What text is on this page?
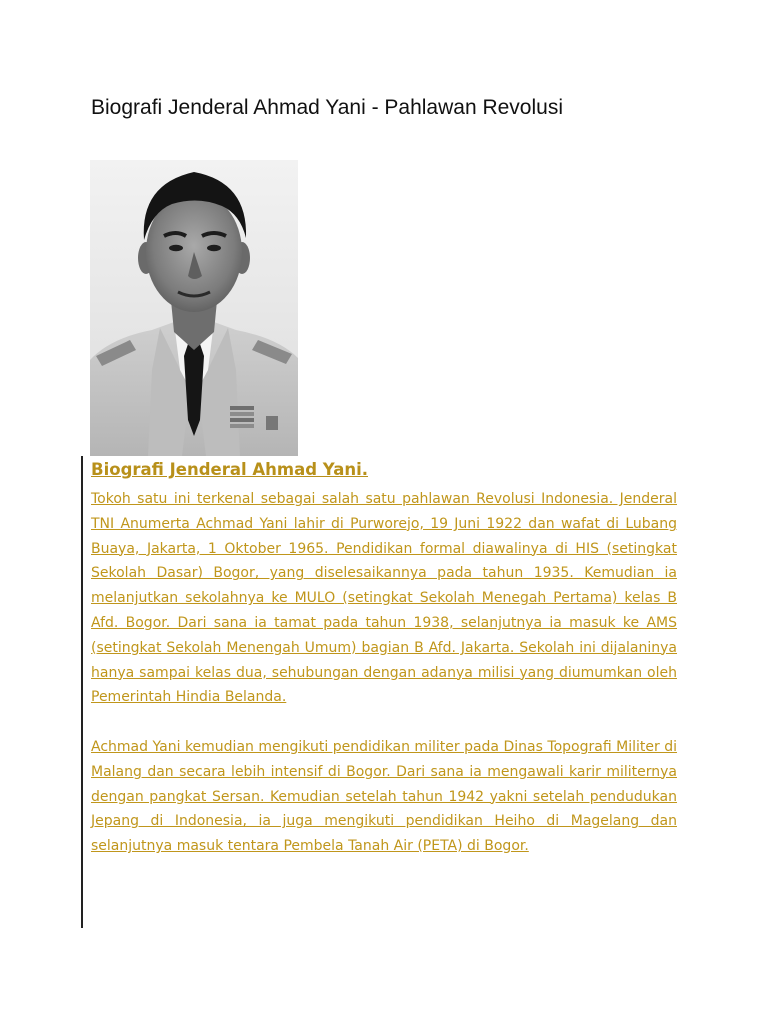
Biografi Jenderal Ahmad Yani - Pahlawan Revolusi
Biografi Jenderal Ahmad Yani.

Tokoh satu ini terkenal sebagai salah satu pahlawan Revolusi Indonesia. Jenderal TNI Anumerta Achmad Yani lahir di Purworejo, 19 Juni 1922 dan wafat di Lubang Buaya, Jakarta, 1 Oktober 1965. Pendidikan formal diawalinya di HIS (setingkat Sekolah Dasar) Bogor, yang diselesaikannya pada tahun 1935. Kemudian ia melanjutkan sekolahnya ke MULO (setingkat Sekolah Menegah Pertama) kelas B Afd. Bogor. Dari sana ia tamat pada tahun 1938, selanjutnya ia masuk ke AMS (setingkat Sekolah Menengah Umum) bagian B Afd. Jakarta. Sekolah ini dijalaninya hanya sampai kelas dua, sehubungan dengan adanya milisi yang diumumkan oleh Pemerintah Hindia Belanda.

Achmad Yani kemudian mengikuti pendidikan militer pada Dinas Topografi Militer di Malang dan secara lebih intensif di Bogor. Dari sana ia mengawali karir militernya dengan pangkat Sersan. Kemudian setelah tahun 1942 yakni setelah pendudukan Jepang di Indonesia, ia juga mengikuti pendidikan Heiho di Magelang dan selanjutnya masuk tentara Pembela Tanah Air (PETA) di Bogor.
